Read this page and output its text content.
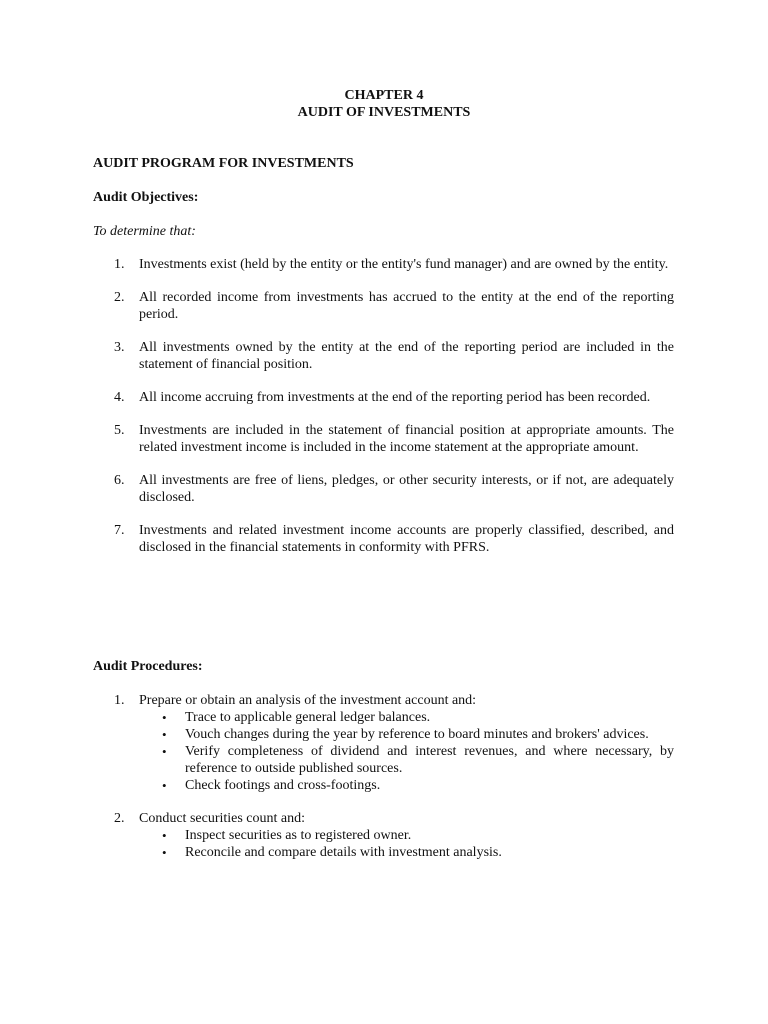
CHAPTER 4
AUDIT OF INVESTMENTS
AUDIT PROGRAM FOR INVESTMENTS
Audit Objectives:
To determine that:
1. Investments exist (held by the entity or the entity's fund manager) and are owned by the entity.
2. All recorded income from investments has accrued to the entity at the end of the reporting period.
3. All investments owned by the entity at the end of the reporting period are included in the statement of financial position.
4. All income accruing from investments at the end of the reporting period has been recorded.
5. Investments are included in the statement of financial position at appropriate amounts. The related investment income is included in the income statement at the appropriate amount.
6. All investments are free of liens, pledges, or other security interests, or if not, are adequately disclosed.
7. Investments and related investment income accounts are properly classified, described, and disclosed in the financial statements in conformity with PFRS.
Audit Procedures:
1. Prepare or obtain an analysis of the investment account and:
• Trace to applicable general ledger balances.
• Vouch changes during the year by reference to board minutes and brokers' advices.
• Verify completeness of dividend and interest revenues, and where necessary, by reference to outside published sources.
• Check footings and cross-footings.
2. Conduct securities count and:
• Inspect securities as to registered owner.
• Reconcile and compare details with investment analysis.
